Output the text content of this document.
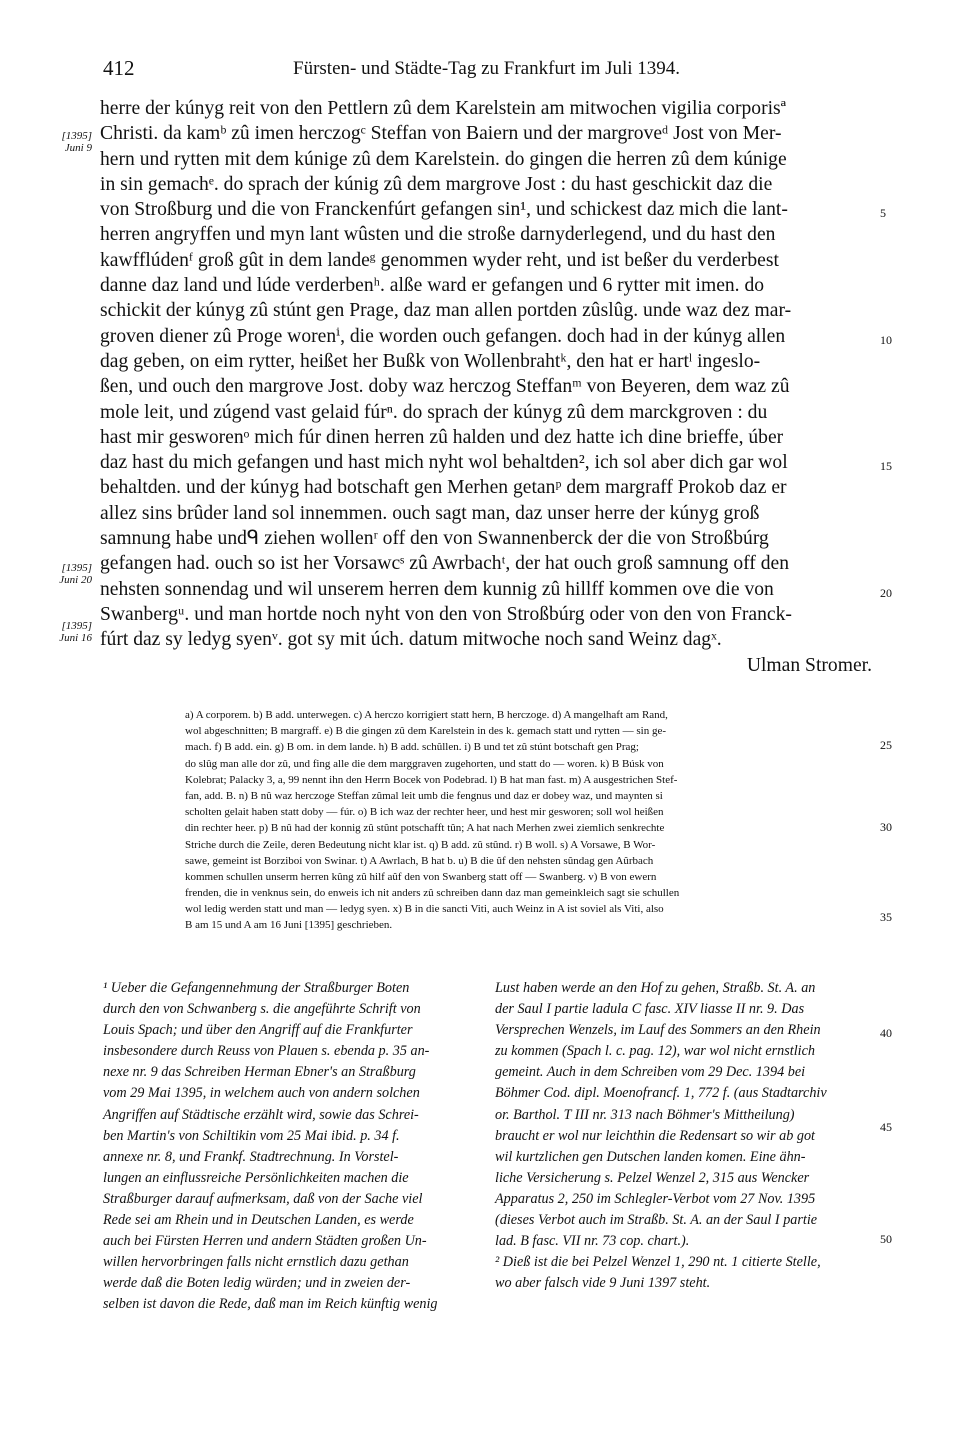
412	Fürsten- und Städte-Tag zu Frankfurt im Juli 1394.
herre der kúnyg reit von den Pettlern zû dem Karelstein am mitwochen vigilia corporisª
Christi. da kamᵇ zû imen herczogᶜ Steffan von Baiern und der margroveᵈ Jost von Mer-
hern und rytten mit dem kúnige zû dem Karelstein. do gingen die herren zû dem kúnige
in sin gemachᵉ. do sprach der kúnig zû dem margrove Jost : du hast geschickit daz die
von Stroßburg und die von Franckenfúrt gefangen sin¹, und schickest daz mich die lant-
herren angryffen und myn lant wûsten und die stroße darnyderlegend, und du hast den
kawfflúdenᶠ groß gût in dem landeᵍ genommen wyder reht, und ist beßer du verderbest
danne daz land und lúde verderbenʰ. alße ward er gefangen und 6 rytter mit imen. do
schickit der kúnyg zû stúnt gen Prage, daz man allen portden zûslûg. unde waz dez mar-
groven diener zû Proge worenⁱ, die worden ouch gefangen. doch had in der kúnyg allen
dag geben, on eim rytter, heißet her Bußk von Wollenbrahtᵏ, den hat er hartˡ ingeslo-
ßen, und ouch den margrove Jost. doby waz herczog Steffanᵐ von Beyeren, dem waz zû
mole leit, und zúgend vast gelaid fúrⁿ. do sprach der kúnyg zû dem marckgroven : du
hast mir gesworenᵒ mich fúr dinen herren zû halden und dez hatte ich dine brieffe, úber
daz hast du mich gefangen und hast mich nyht wol behaltden², ich sol aber dich gar wol
behaltden. und der kúnyg had botschaft gen Merhen getanᵖ dem margraff Prokob daz er
allez sins brûder land sol innemmen. ouch sagt man, daz unser herre der kúnyg groß
samnung habe undᑫ ziehen wollenʳ off den von Swannenberck der die von Stroßbúrg
gefangen had. ouch so ist her Vorsawcˢ zû Awrbachᵗ, der hat ouch groß samnung off den
nehsten sonnendag und wil unserem herren dem kunnig zû hillff kommen ove die von
Swanbergᵘ. und man hortde noch nyht von den von Stroßbúrg oder von den von Franck-
fúrt daz sy ledyg syenᵛ. got sy mit úch. datum mitwoche noch sand Weinz dagˣ.
Ulman Stromer.
5
10
15
20
[1395]
Juni 9
[1395]
Juni 20
[1395]
Juni 16
a) A corporem. b) B add. unterwegen. c) A herczo korrigiert statt hern, B herczoge. d) A mangelhaft am Rand,
wol abgeschnitten; B margraff. e) B die gingen zû dem Karelstein in des k. gemach statt und rytten — sin ge-
mach. f) B add. ein. g) B om. in dem lande. h) B add. schûllen. i) B und tet zû stúnt botschaft gen Prag;
do slûg man alle dor zû, und fing alle die dem marggraven zugehorten, und statt do — woren. k) B Búsk von
Kolebrat; Palacky 3, a, 99 nennt ihn den Herrn Bocek von Podebrad. l) B hat man fast. m) A ausgestrichen Stef-
fan, add. B. n) B nû waz herczoge Steffan zûmal leit umb die fengnus und daz er dobey waz, und maynten si
scholten gelait haben statt doby — fúr. o) B ich waz der rechter heer, und hest mir gesworen; soll wol heißen
din rechter heer. p) B nû had der konnig zû stûnt potschafft tûn; A hat nach Merhen zwei ziemlich senkrechte
Striche durch die Zeile, deren Bedeutung nicht klar ist. q) B add. zû stûnd. r) B woll. s) A Vorsawe, B Wor-
sawe, gemeint ist Borziboi von Swinar. t) A Awrlach, B hat b. u) B die ûf den nehsten sûndag gen Aûrbach
kommen schullen unserm herren kûng zû hilf aûf den von Swanberg statt off — Swanberg. v) B von ewern
frenden, die in venknus sein, do enweis ich nit anders zû schreiben dann daz man gemeinkleich sagt sie schullen
wol ledig werden statt und man — ledyg syen. x) B in die sancti Viti, auch Weinz in A ist soviel als Viti, also
B am 15 und A am 16 Juni [1395] geschrieben.
25
30
35
¹ Ueber die Gefangennehmung der Straßburger Boten
durch den von Schwanberg s. die angeführte Schrift von
Louis Spach; und über den Angriff auf die Frankfurter
insbesondere durch Reuss von Plauen s. ebenda p. 35 an-
nexe nr. 9 das Schreiben Herman Ebner's an Straßburg
vom 29 Mai 1395, in welchem auch von andern solchen
Angriffen auf Städtische erzählt wird, sowie das Schrei-
ben Martin's von Schiltikin vom 25 Mai ibid. p. 34 f.
annexe nr. 8, und Frankf. Stadtrechnung. In Vorstel-
lungen an einflussreiche Persönlichkeiten machen die
Straßburger darauf aufmerksam, daß von der Sache viel
Rede sei am Rhein und in Deutschen Landen, es werde
auch bei Fürsten Herren und andern Städten großen Un-
willen hervorbringen falls nicht ernstlich dazu gethan
werde daß die Boten ledig würden; und in zweien der-
selben ist davon die Rede, daß man im Reich künftig wenig
Lust haben werde an den Hof zu gehen, Straßb. St. A. an
der Saul I partie ladula C fasc. XIV liasse II nr. 9. Das
Versprechen Wenzels, im Lauf des Sommers an den Rhein
zu kommen (Spach l. c. pag. 12), war wol nicht ernstlich
gemeint. Auch in dem Schreiben vom 29 Dec. 1394 bei
Böhmer Cod. dipl. Moenofrancf. 1, 772 f. (aus Stadtarchiv
or. Barthol. T III nr. 313 nach Böhmer's Mittheilung)
braucht er wol nur leichthin die Redensart so wir ab got
wil kurtzlichen gen Dutschen landen komen. Eine ähn-
liche Versicherung s. Pelzel Wenzel 2, 315 aus Wencker
Apparatus 2, 250 im Schlegler-Verbot vom 27 Nov. 1395
(dieses Verbot auch im Straßb. St. A. an der Saul I partie
lad. B fasc. VII nr. 73 cop. chart.).
² Dieß ist die bei Pelzel Wenzel 1, 290 nt. 1 citierte Stelle,
wo aber falsch vide 9 Juni 1397 steht.
40
45
50
